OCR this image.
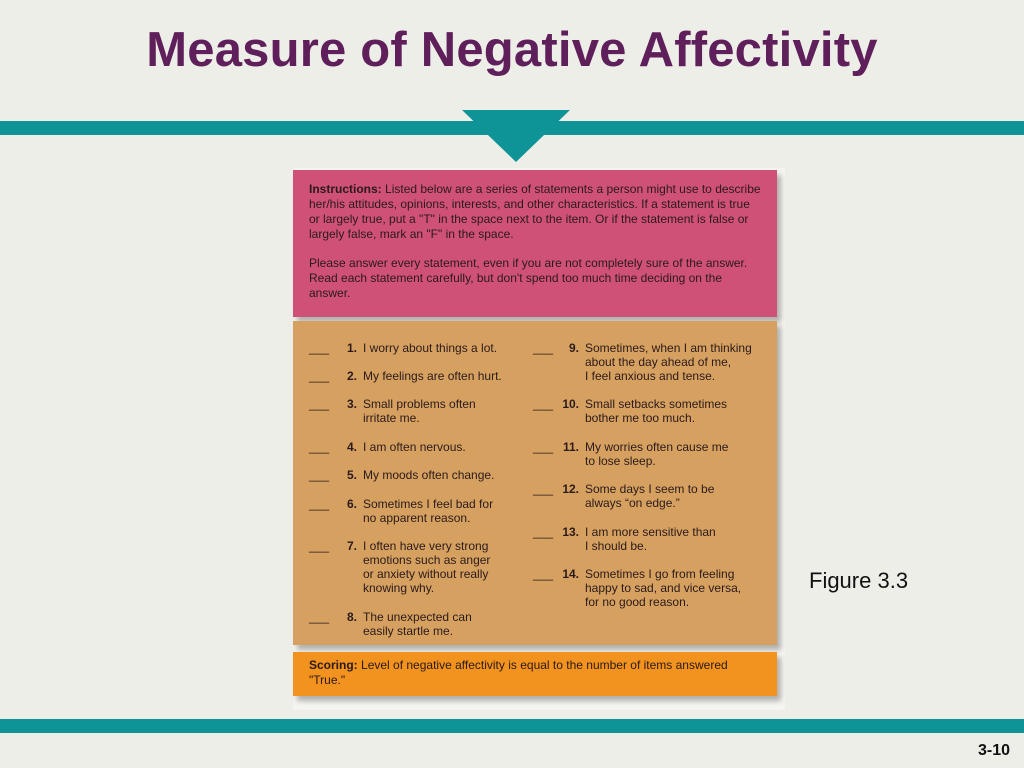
Measure of Negative Affectivity

Instructions: Listed below are a series of statements a person might use to describe her/his attitudes, opinions, interests, and other characteristics. If a statement is true or largely true, put a "T" in the space next to the item. Or if the statement is false or largely false, mark an "F" in the space.

Please answer every statement, even if you are not completely sure of the answer. Read each statement carefully, but don't spend too much time deciding on the answer.

___	1. I worry about things a lot.
___	2. My feelings are often hurt.
___	3. Small problems often
irritate me.
___	4. I am often nervous.
___	5. My moods often change.
___	6. Sometimes I feel bad for
no apparent reason.
___	7. I often have very strong
emotions such as anger
or anxiety without really
knowing why.
___	8. The unexpected can
easily startle me.
___	9. Sometimes, when I am thinking
about the day ahead of me,
I feel anxious and tense.
___ 10. Small setbacks sometimes
bother me too much.
___ 11. My worries often cause me
to lose sleep.
___ 12. Some days I seem to be
always “on edge.”
___ 13. I am more sensitive than
I should be.
___ 14. Sometimes I go from feeling
happy to sad, and vice versa,
for no good reason.
Scoring: Level of negative affectivity is equal to the number of items answered "True."
Figure 3.3
3-10
